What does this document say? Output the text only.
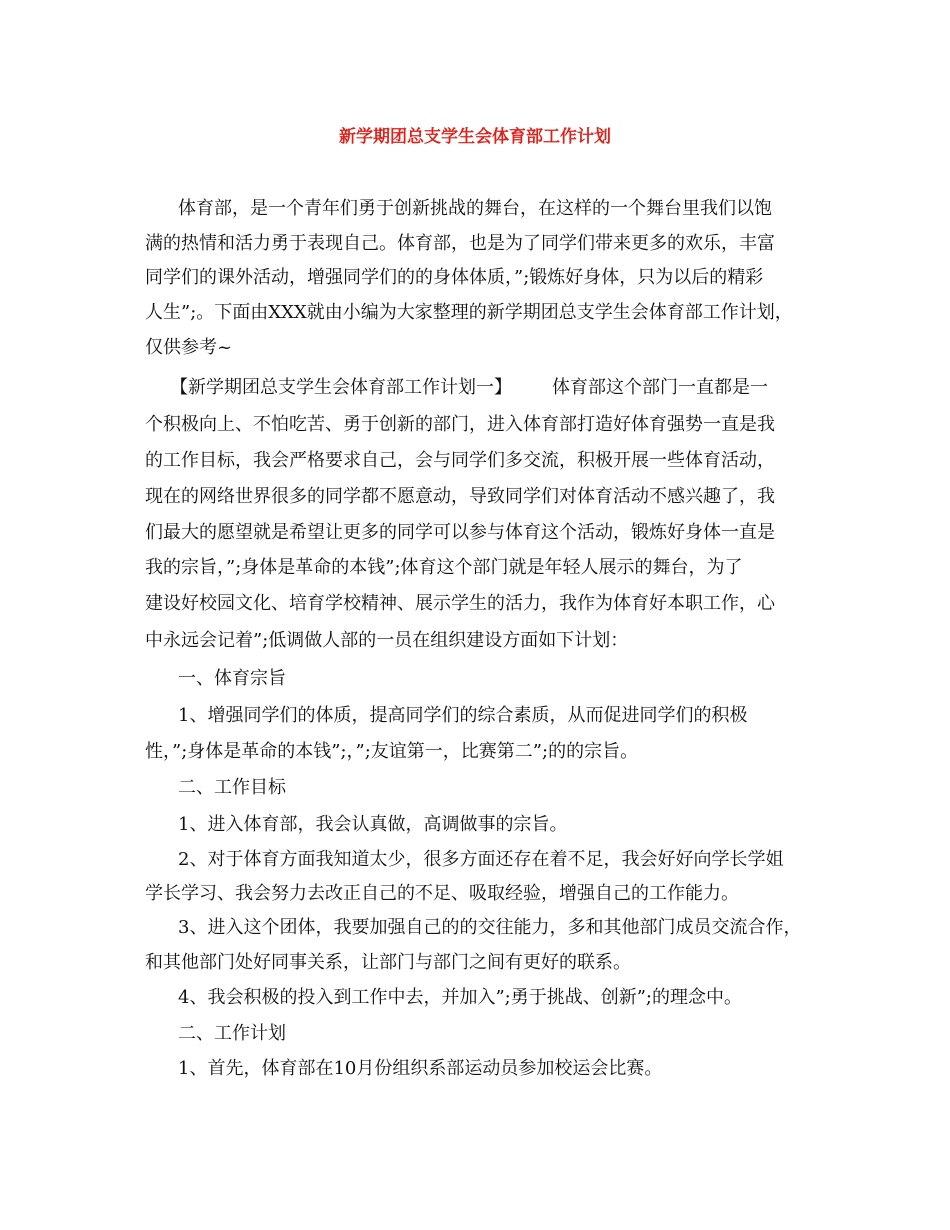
新学期团总支学生会体育部工作计划
体育部，是一个青年们勇于创新挑战的舞台，在这样的一个舞台里我们以饱
满的热情和活力勇于表现自己。体育部，也是为了同学们带来更多的欢乐，丰富
同学们的课外活动，增强同学们的的身体体质，”;锻炼好身体，只为以后的精彩
人生”;。下面由XXX就由小编为大家整理的新学期团总支学生会体育部工作计划，
仅供参考~
【新学期团总支学生会体育部工作计划一】 体育部这个部门一直都是一
个积极向上、不怕吃苦、勇于创新的部门，进入体育部打造好体育强势一直是我
的工作目标，我会严格要求自己，会与同学们多交流，积极开展一些体育活动，
现在的网络世界很多的同学都不愿意动，导致同学们对体育活动不感兴趣了，我
们最大的愿望就是希望让更多的同学可以参与体育这个活动，锻炼好身体一直是
我的宗旨，”;身体是革命的本钱”;体育这个部门就是年轻人展示的舞台，为了
建设好校园文化、培育学校精神、展示学生的活力，我作为体育好本职工作，心
中永远会记着”;低调做人部的一员在组织建设方面如下计划：
一、体育宗旨
1、增强同学们的体质，提高同学们的综合素质，从而促进同学们的积极
性，”;身体是革命的本钱”;，”;友谊第一，比赛第二”;的的宗旨。
二、工作目标
1、进入体育部，我会认真做，高调做事的宗旨。
2、对于体育方面我知道太少，很多方面还存在着不足，我会好好向学长学姐
学长学习、我会努力去改正自己的不足、吸取经验，增强自己的工作能力。
3、进入这个团体，我要加强自己的的交往能力，多和其他部门成员交流合作，
和其他部门处好同事关系，让部门与部门之间有更好的联系。
4、我会积极的投入到工作中去，并加入”;勇于挑战、创新”;的理念中。
二、工作计划
1、首先，体育部在10月份组织系部运动员参加校运会比赛。
